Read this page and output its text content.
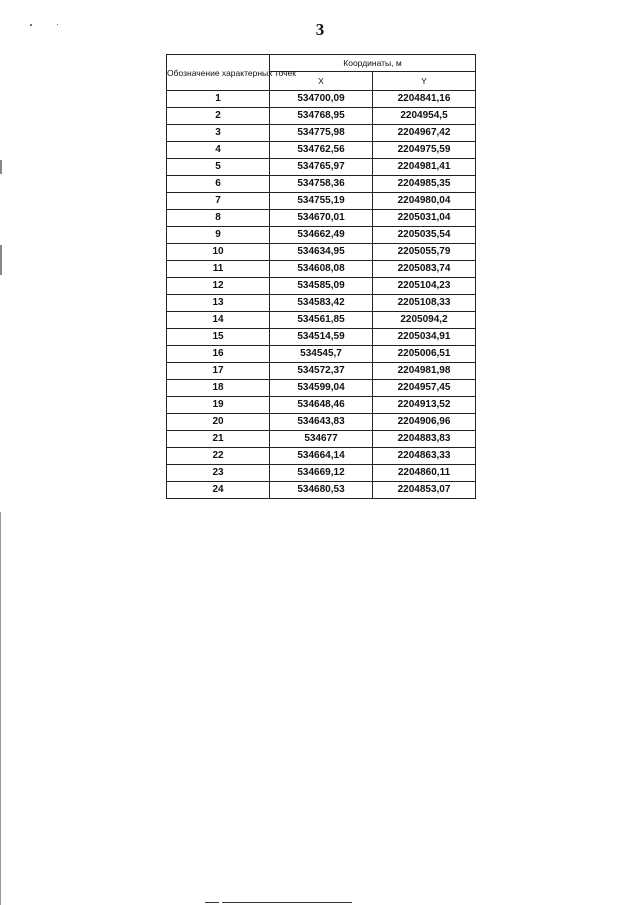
3
Обозначение характерных точек	Координаты, м	
	X	Y
1	534700,09	2204841,16
2	534768,95	2204954,5
3	534775,98	2204967,42
4	534762,56	2204975,59
5	534765,97	2204981,41
6	534758,36	2204985,35
7	534755,19	2204980,04
8	534670,01	2205031,04
9	534662,49	2205035,54
10	534634,95	2205055,79
11	534608,08	2205083,74
12	534585,09	2205104,23
13	534583,42	2205108,33
14	534561,85	2205094,2
15	534514,59	2205034,91
16	534545,7	2205006,51
17	534572,37	2204981,98
18	534599,04	2204957,45
19	534648,46	2204913,52
20	534643,83	2204906,96
21	534677	2204883,83
22	534664,14	2204863,33
23	534669,12	2204860,11
24	534680,53	2204853,07
